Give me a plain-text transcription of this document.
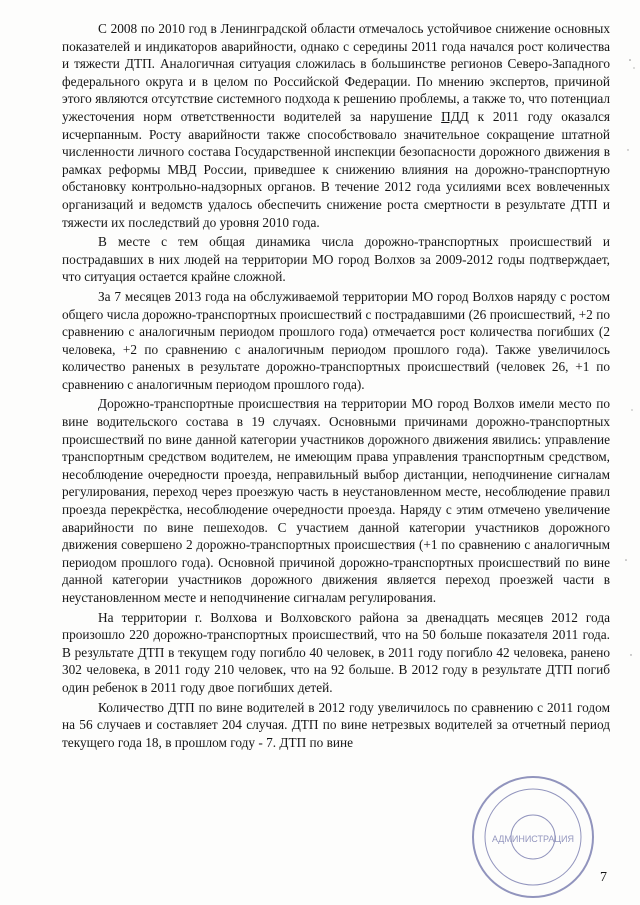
С 2008 по 2010 год в Ленинградской области отмечалось устойчивое снижение основных показателей и индикаторов аварийности, однако с середины 2011 года начался рост количества и тяжести ДТП. Аналогичная ситуация сложилась в большинстве регионов Северо-Западного федерального округа и в целом по Российской Федерации. По мнению экспертов, причиной этого являются отсутствие системного подхода к решению проблемы, а также то, что потенциал ужесточения норм ответственности водителей за нарушение ПДД к 2011 году оказался исчерпанным. Росту аварийности также способствовало значительное сокращение штатной численности личного состава Государственной инспекции безопасности дорожного движения в рамках реформы МВД России, приведшее к снижению влияния на дорожно-транспортную обстановку контрольно-надзорных органов. В течение 2012 года усилиями всех вовлеченных организаций и ведомств удалось обеспечить снижение роста смертности в результате ДТП и тяжести их последствий до уровня 2010 года.

В месте с тем общая динамика числа дорожно-транспортных происшествий и пострадавших в них людей на территории МО город Волхов за 2009-2012 годы подтверждает, что ситуация остается крайне сложной.

За 7 месяцев 2013 года на обслуживаемой территории МО город Волхов наряду с ростом общего числа дорожно-транспортных происшествий с пострадавшими (26 происшествий, +2 по сравнению с аналогичным периодом прошлого года) отмечается рост количества погибших (2 человека, +2 по сравнению с аналогичным периодом прошлого года). Также увеличилось количество раненых в результате дорожно-транспортных происшествий (человек 26, +1 по сравнению с аналогичным периодом прошлого года).

Дорожно-транспортные происшествия на территории МО город Волхов имели место по вине водительского состава в 19 случаях. Основными причинами дорожно-транспортных происшествий по вине данной категории участников дорожного движения явились: управление транспортным средством водителем, не имеющим права управления транспортным средством, несоблюдение очередности проезда, неправильный выбор дистанции, неподчинение сигналам регулирования, переход через проезжую часть в неустановленном месте, несоблюдение правил проезда перекрёстка, несоблюдение очередности проезда. Наряду с этим отмечено увеличение аварийности по вине пешеходов. С участием данной категории участников дорожного движения совершено 2 дорожно-транспортных происшествия (+1 по сравнению с аналогичным периодом прошлого года). Основной причиной дорожно-транспортных происшествий по вине данной категории участников дорожного движения является переход проезжей части в неустановленном месте и неподчинение сигналам регулирования.

На территории г. Волхова и Волховского района за двенадцать месяцев 2012 года произошло 220 дорожно-транспортных происшествий, что на 50 больше показателя 2011 года. В результате ДТП в текущем году погибло 40 человек, в 2011 году погибло 42 человека, ранено 302 человека, в 2011 году 210 человек, что на 92 больше. В 2012 году в результате ДТП погиб один ребенок в 2011 году двое погибших детей.

Количество ДТП по вине водителей в 2012 году увеличилось по сравнению с 2011 годом на 56 случаев и составляет 204 случая. ДТП по вине нетрезвых водителей за отчетный период текущего года 18, в прошлом году - 7. ДТП по вине

АДМИНИСТРАЦИЯ
7
